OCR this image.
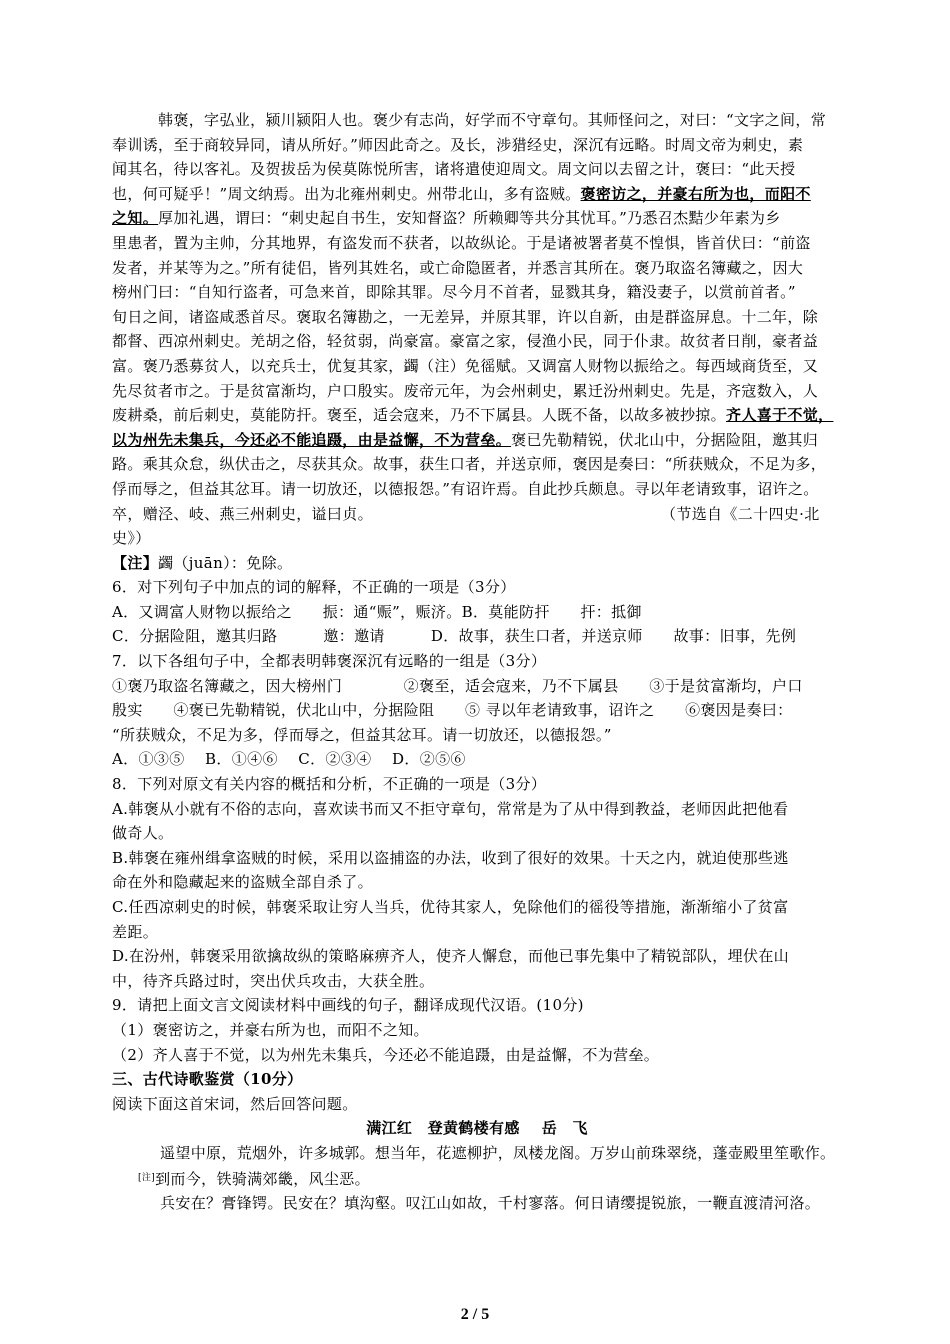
韩褒，字弘业，颍川颍阳人也。褒少有志尚，好学而不守章句。其师怪问之，对曰：“文字之间，常
奉训诱，至于商较异同，请从所好。”师因此奇之。及长，涉猎经史，深沉有远略。时周文帝为刺史，素
闻其名，待以客礼。及贺拔岳为侯莫陈悦所害，诸将遣使迎周文。周文问以去留之计，褒曰：“此天授
也，何可疑乎！”周文纳焉。出为北雍州刺史。州带北山，多有盗贼。褒密访之，并豪右所为也，而阳不
之知。厚加礼遇，谓曰：“刺史起自书生，安知督盗？所赖卿等共分其忧耳。”乃悉召杰黠少年素为乡
里患者，置为主帅，分其地界，有盗发而不获者，以故纵论。于是诸被署者莫不惶惧，皆首伏曰：“前盗
发者，并某等为之。”所有徒侣，皆列其姓名，或亡命隐匿者，并悉言其所在。褒乃取盗名簿藏之，因大
榜州门曰：“自知行盗者，可急来首，即除其罪。尽今月不首者，显戮其身，籍没妻子，以赏前首者。”
旬日之间，诸盗咸悉首尽。褒取名簿勘之，一无差异，并原其罪，许以自新，由是群盗屏息。十二年，除
都督、西凉州刺史。羌胡之俗，轻贫弱，尚豪富。豪富之家，侵渔小民，同于仆隶。故贫者日削，豪者益
富。褒乃悉募贫人，以充兵士，优复其家，蠲（注）免徭赋。又调富人财物以振给之。每西域商货至，又
先尽贫者市之。于是贫富渐均，户口殷实。废帝元年，为会州刺史，累迁汾州刺史。先是，齐寇数入，人
废耕桑，前后刺史，莫能防扞。褒至，适会寇来，乃不下属县。人既不备，以故多被抄掠。齐人喜于不觉，
以为州先未集兵，今还必不能追蹑，由是益懈，不为营垒。褒已先勒精锐，伏北山中，分据险阻，邀其归
路。乘其众怠，纵伏击之，尽获其众。故事，获生口者，并送京师，褒因是奏曰：“所获贼众，不足为多，
俘而辱之，但益其忿耳。请一切放还，以德报怨。”有诏许焉。自此抄兵颇息。寻以年老请致事，诏许之。
卒，赠泾、岐、燕三州刺史，谥曰贞。	（节选自《二十四史·北
史》）
【注】蠲（juān）：免除。
6．对下列句子中加点的词的解释，不正确的一项是（3分）
A．又调富人财物以振给之　　振：通“赈”，赈济。B．莫能防扞　　扞：抵御
C．分据险阻，邀其归路　　　邀：邀请　　　D．故事，获生口者，并送京师　　故事：旧事，先例
7．以下各组句子中，全都表明韩褒深沉有远略的一组是（3分）
①褒乃取盗名簿藏之，因大榜州门　　　　②褒至，适会寇来，乃不下属县　　③于是贫富渐均，户口
殷实　　④褒已先勒精锐，伏北山中，分据险阻　　⑤ 寻以年老请致事，诏许之　　⑥褒因是奏曰：
“所获贼众，不足为多，俘而辱之，但益其忿耳。请一切放还，以德报怨。”
A．①③⑤　 B．①④⑥　 C．②③④　 D．②⑤⑥
8．下列对原文有关内容的概括和分析，不正确的一项是（3分）
A.韩褒从小就有不俗的志向，喜欢读书而又不拒守章句，常常是为了从中得到教益，老师因此把他看
做奇人。
B.韩褒在雍州缉拿盗贼的时候，采用以盗捕盗的办法，收到了很好的效果。十天之内，就迫使那些逃
命在外和隐藏起来的盗贼全部自杀了。
C.任西凉刺史的时候，韩褒采取让穷人当兵，优待其家人，免除他们的徭役等措施，渐渐缩小了贫富
差距。
D.在汾州，韩褒采用欲擒故纵的策略麻痹齐人，使齐人懈怠，而他已事先集中了精锐部队，埋伏在山
中，待齐兵路过时，突出伏兵攻击，大获全胜。
9．请把上面文言文阅读材料中画线的句子，翻译成现代汉语。(10分)
（1）褒密访之，并豪右所为也，而阳不之知。
（2）齐人喜于不觉，以为州先未集兵，今还必不能追蹑，由是益懈，不为营垒。
三、古代诗歌鉴赏（10分）
阅读下面这首宋词，然后回答问题。
满江红　登黄鹤楼有感 岳　飞
遥望中原，荒烟外，许多城郭。想当年，花遮柳护，凤楼龙阁。万岁山前珠翠绕，蓬壶殿里笙歌作。
[注]到而今，铁骑满郊畿，风尘恶。
兵安在？膏锋锷。民安在？填沟壑。叹江山如故，千村寥落。何日请缨提锐旅，一鞭直渡清河洛。
2 / 5
